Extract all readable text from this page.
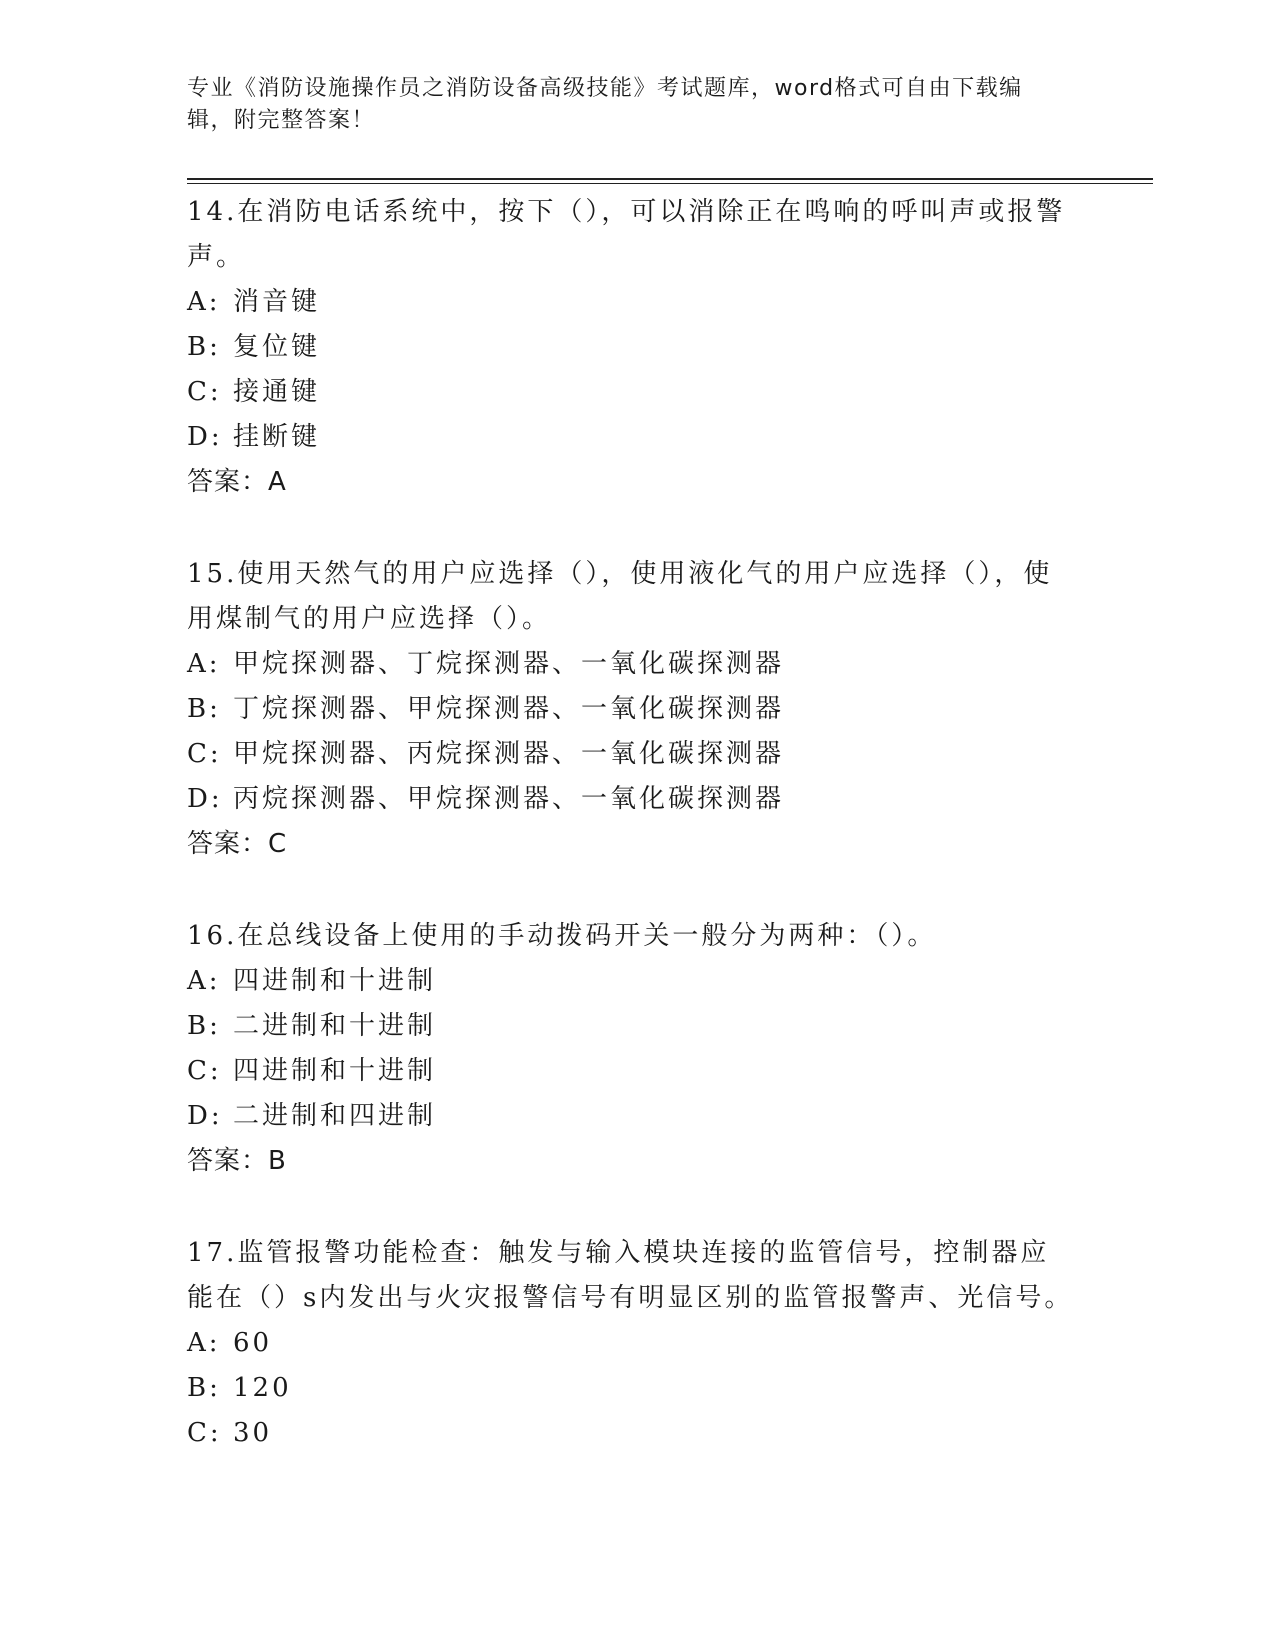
专业《消防设施操作员之消防设备高级技能》考试题库，word格式可自由下载编辑，附完整答案！

14.在消防电话系统中，按下（），可以消除正在鸣响的呼叫声或报警声。

A: 消音键

B: 复位键

C: 接通键

D: 挂断键

答案：A

15.使用天然气的用户应选择（），使用液化气的用户应选择（），使用煤制气的用户应选择（）。

A: 甲烷探测器、丁烷探测器、一氧化碳探测器

B: 丁烷探测器、甲烷探测器、一氧化碳探测器

C: 甲烷探测器、丙烷探测器、一氧化碳探测器

D: 丙烷探测器、甲烷探测器、一氧化碳探测器

答案：C

16.在总线设备上使用的手动拨码开关一般分为两种：（）。

A: 四进制和十进制

B: 二进制和十进制

C: 四进制和十进制

D: 二进制和四进制

答案：B

17.监管报警功能检查：触发与输入模块连接的监管信号，控制器应能在（）s内发出与火灾报警信号有明显区别的监管报警声、光信号。

A: 60

B: 120

C: 30
